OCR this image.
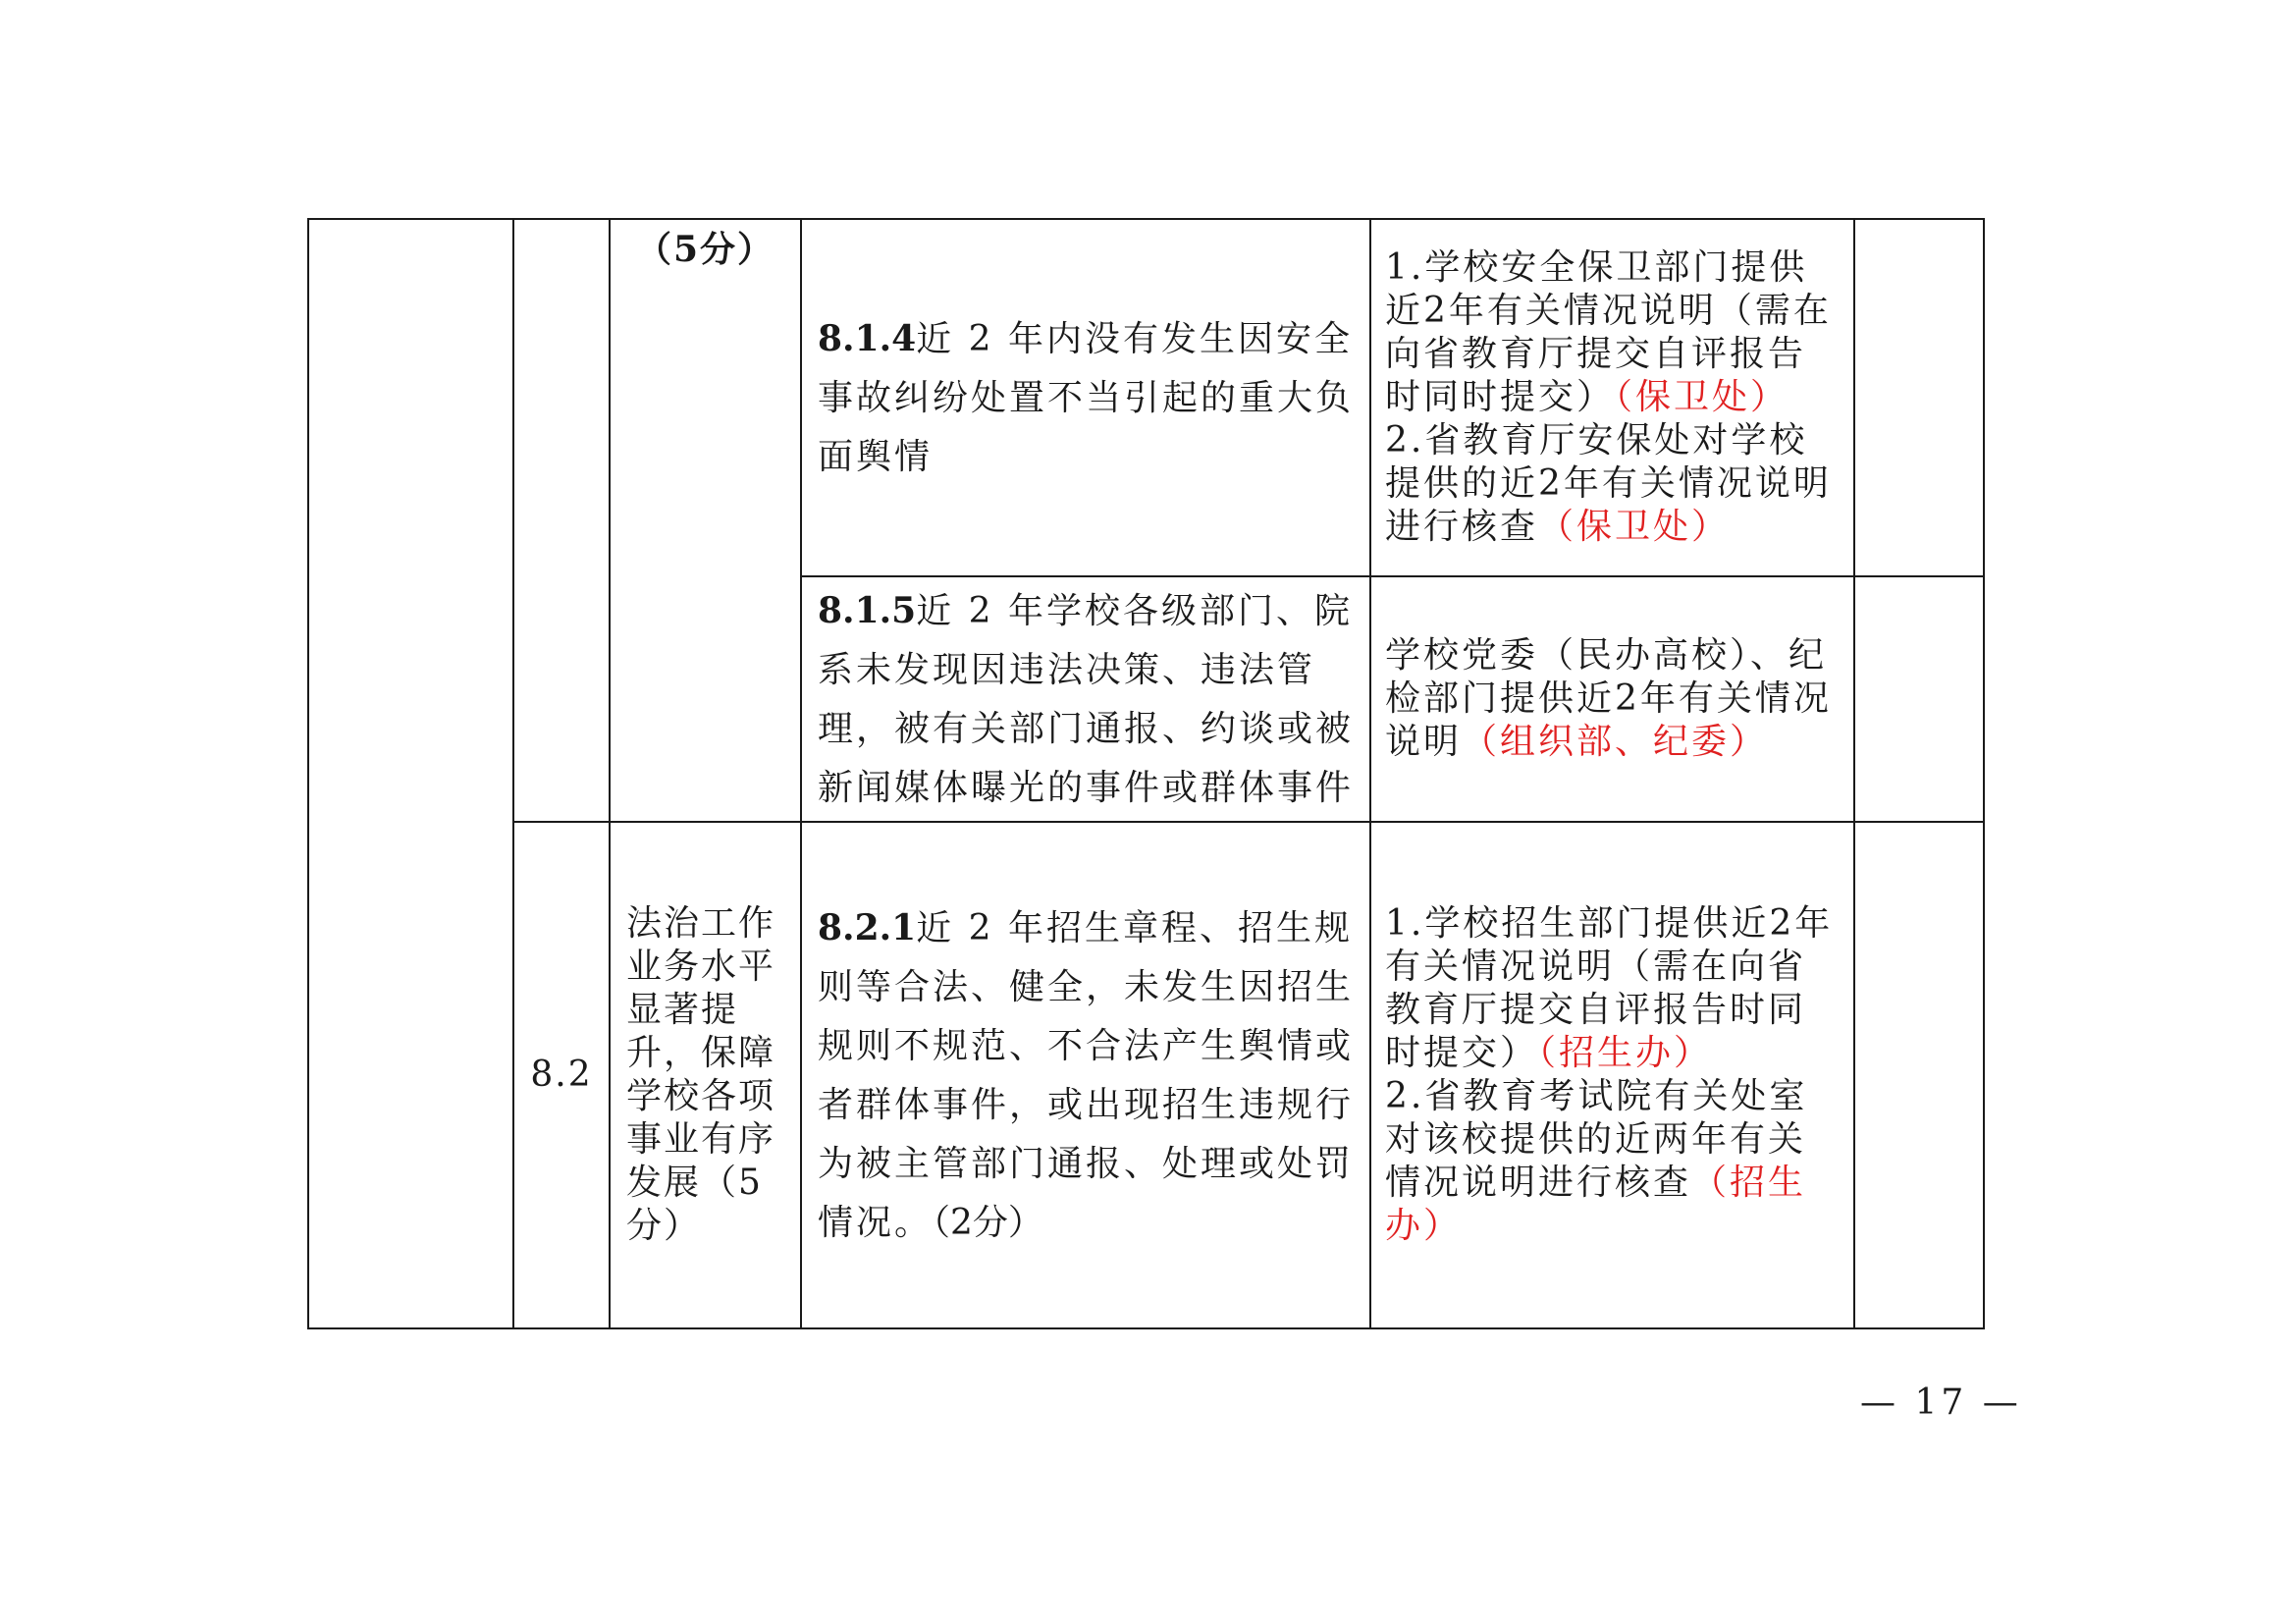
		（5分）	8.1.4近 2 年内没有发生因安全事故纠纷处置不当引起的重大负面舆情	1.学校安全保卫部门提供近2年有关情况说明（需在向省教育厅提交自评报告时同时提交）（保卫处）
2.省教育厅安保处对学校提供的近2年有关情况说明进行核查（保卫处）	

			8.1.5近 2 年学校各级部门、院系未发现因违法决策、违法管理，被有关部门通报、约谈或被新闻媒体曝光的事件或群体事件	学校党委（民办高校）、纪检部门提供近2年有关情况说明（组织部、纪委）	

	8.2	法治工作业务水平显著提升，保障学校各项事业有序发展（5分）	8.2.1近 2 年招生章程、招生规则等合法、健全，未发生因招生规则不规范、不合法产生舆情或者群体事件，或出现招生违规行为被主管部门通报、处理或处罚情况。（2分）	1.学校招生部门提供近2年有关情况说明（需在向省教育厅提交自评报告时同时提交）（招生办）
2.省教育考试院有关处室对该校提供的近两年有关情况说明进行核查（招生办）	

— 17 —
